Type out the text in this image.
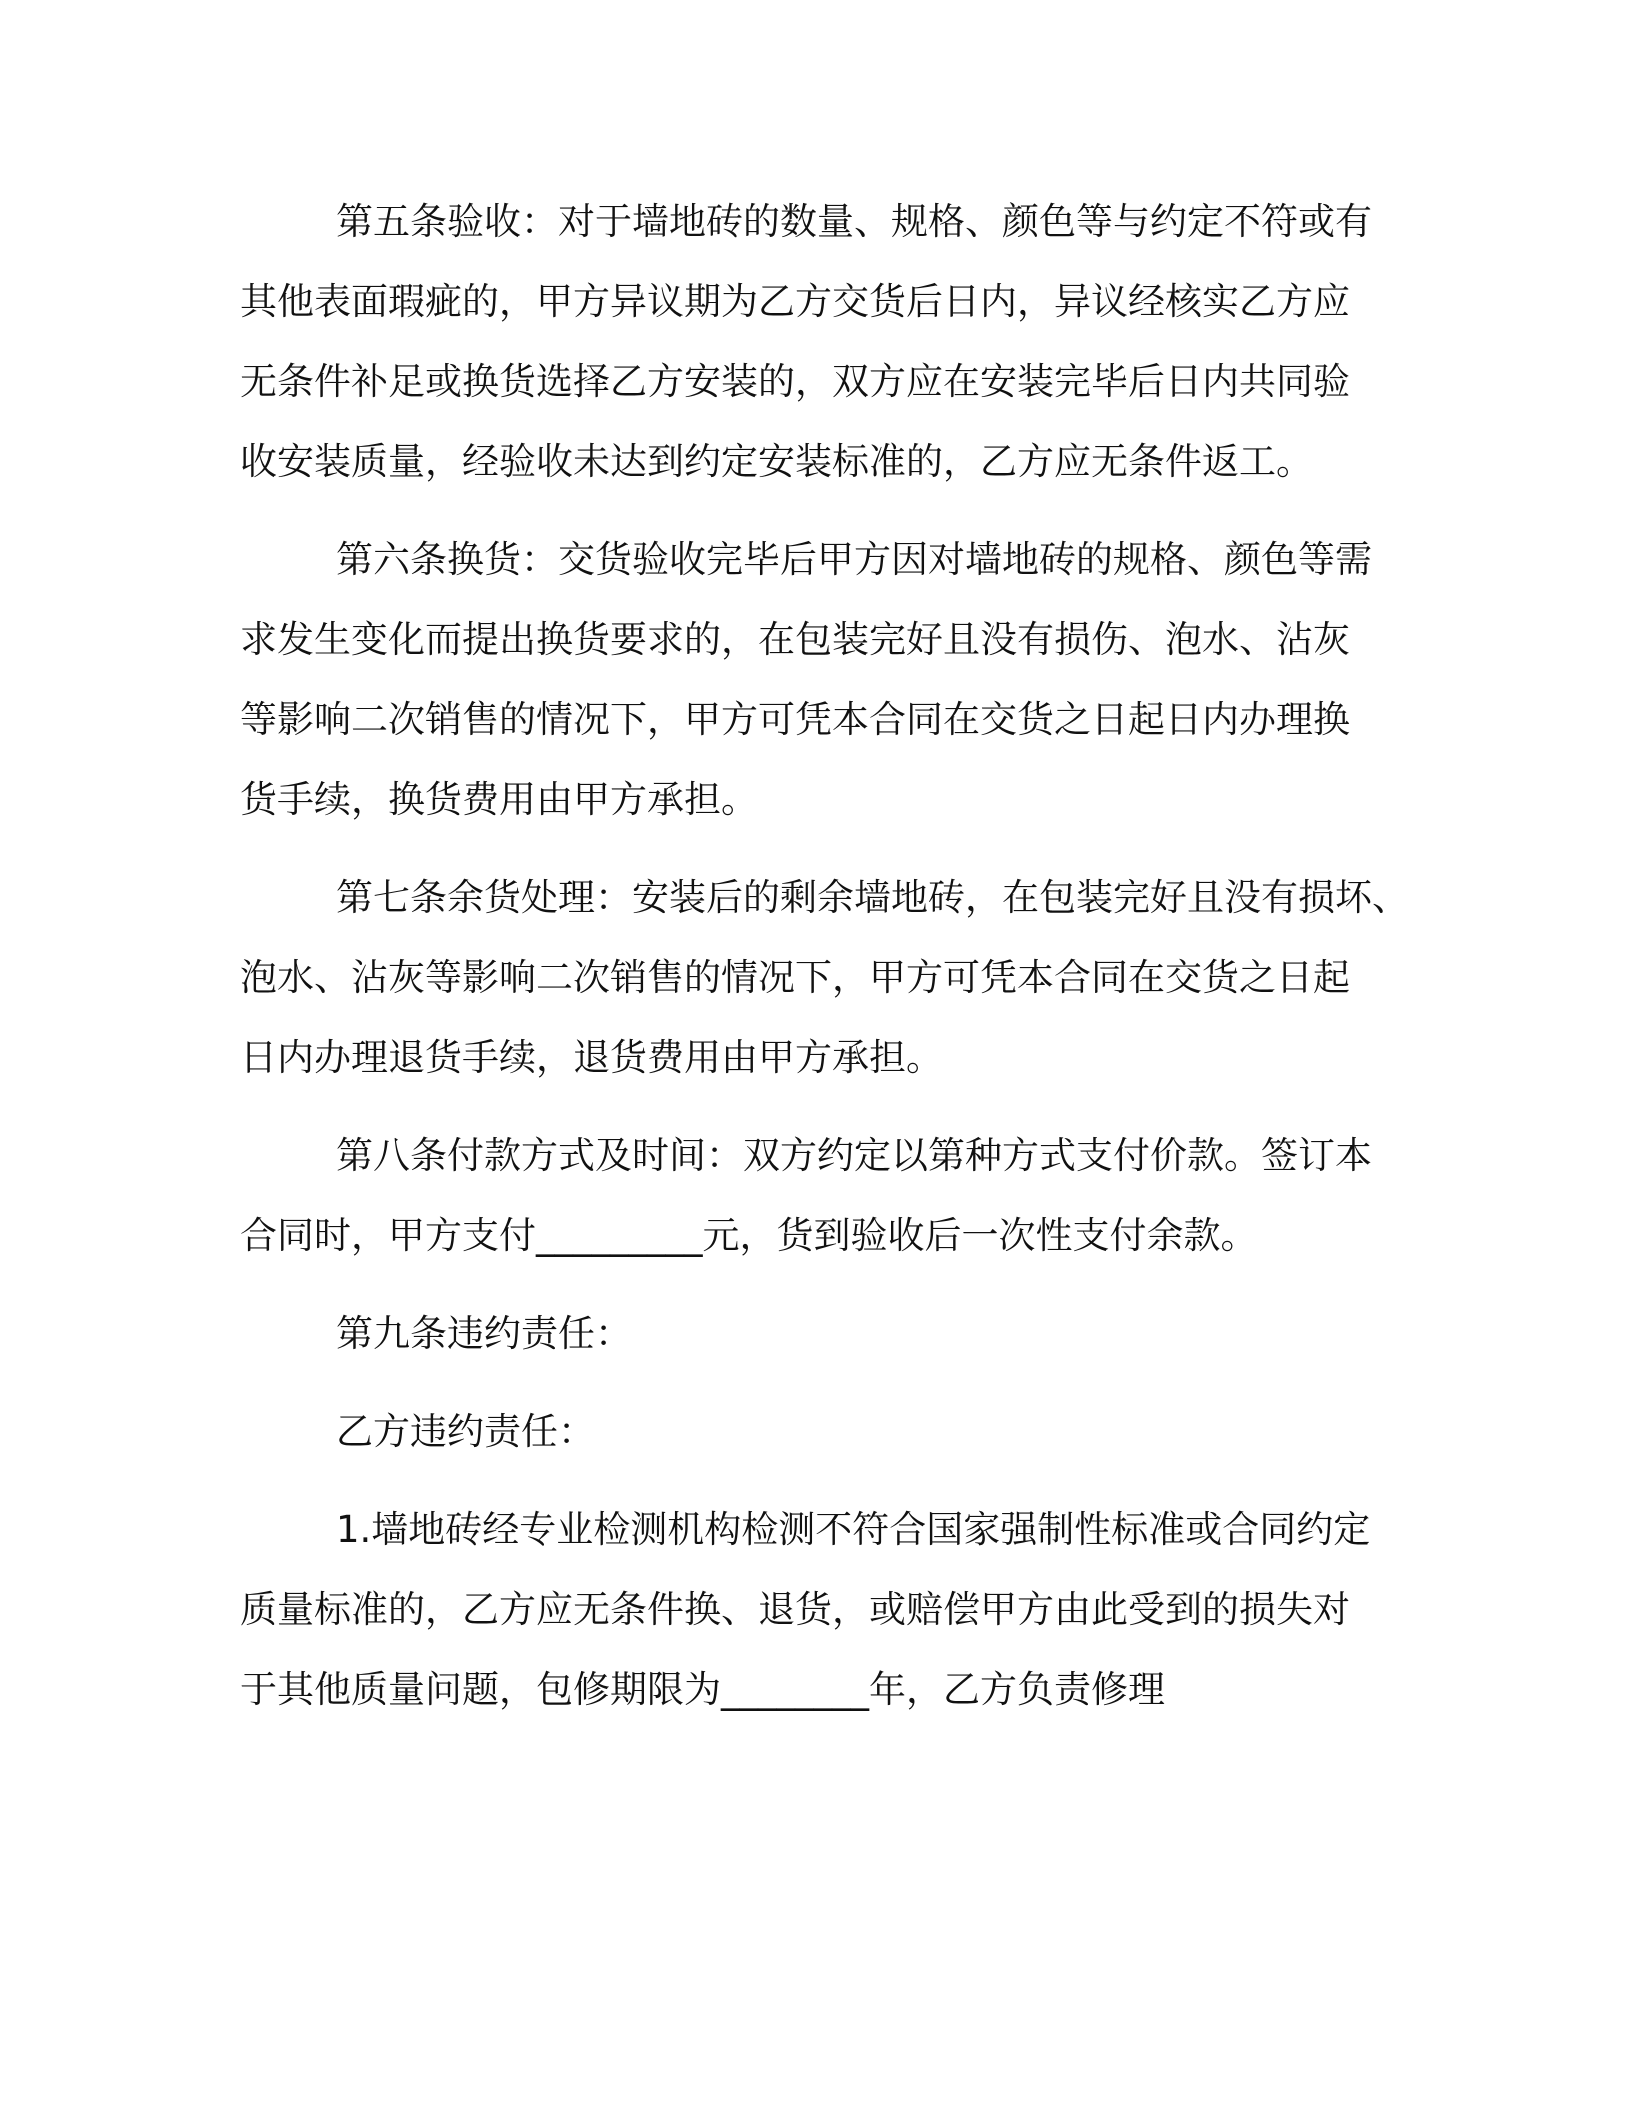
第五条验收：对于墙地砖的数量、规格、颜色等与约定不符或有
其他表面瑕疵的，甲方异议期为乙方交货后日内，异议经核实乙方应
无条件补足或换货选择乙方安装的，双方应在安装完毕后日内共同验
收安装质量，经验收未达到约定安装标准的，乙方应无条件返工。
第六条换货：交货验收完毕后甲方因对墙地砖的规格、颜色等需
求发生变化而提出换货要求的，在包装完好且没有损伤、泡水、沾灰
等影响二次销售的情况下，甲方可凭本合同在交货之日起日内办理换
货手续，换货费用由甲方承担。
第七条余货处理：安装后的剩余墙地砖，在包装完好且没有损坏、
泡水、沾灰等影响二次销售的情况下，甲方可凭本合同在交货之日起
日内办理退货手续，退货费用由甲方承担。
第八条付款方式及时间：双方约定以第种方式支付价款。签订本
合同时，甲方支付_________元，货到验收后一次性支付余款。
第九条违约责任：
乙方违约责任：
1.墙地砖经专业检测机构检测不符合国家强制性标准或合同约定
质量标准的，乙方应无条件换、退货，或赔偿甲方由此受到的损失对
于其他质量问题，包修期限为________年，乙方负责修理
